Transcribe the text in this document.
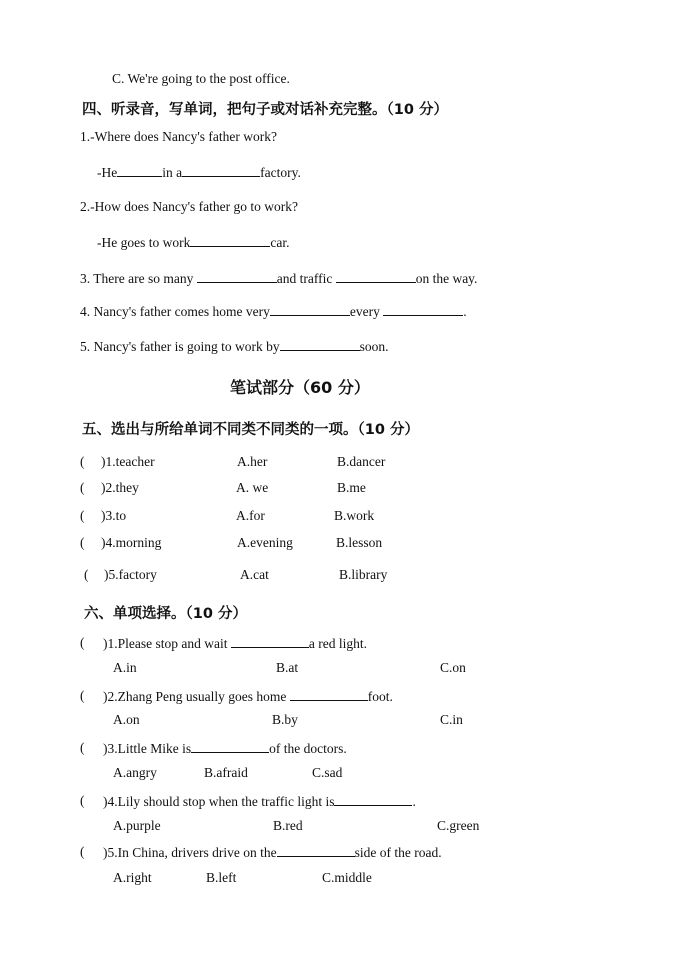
C. We're going to the post office.
四、听录音，写单词，把句子或对话补充完整。（10 分）
1.-Where does Nancy's father work?
-He	in a	factory.
2.-How does Nancy's father go to work?
-He goes to work	car.
3. There are so many	and traffic	on the way.
4. Nancy's father comes home very	every	.
5. Nancy's father is going to work by	soon.
笔试部分（60 分）
五、选出与所给单词不同类不同类的一项。（10 分）
( )1.teacher	A.her	B.dancer
( )2.they	A. we	B.me
( )3.to	A.for	B.work
( )4.morning	A.evening	B.lesson
( )5.factory	A.cat	B.library
六、单项选择。（10 分）
( )1.Please stop and wait	a red light.
A.in	B.at	C.on
( )2.Zhang Peng usually goes home	foot.
A.on	B.by	C.in
( )3.Little Mike is	of the doctors.
A.angry	B.afraid	C.sad
( )4.Lily should stop when the traffic light is	.
A.purple	B.red	C.green
( )5.In China, drivers drive on the	side of the road.
A.right	B.left	C.middle
